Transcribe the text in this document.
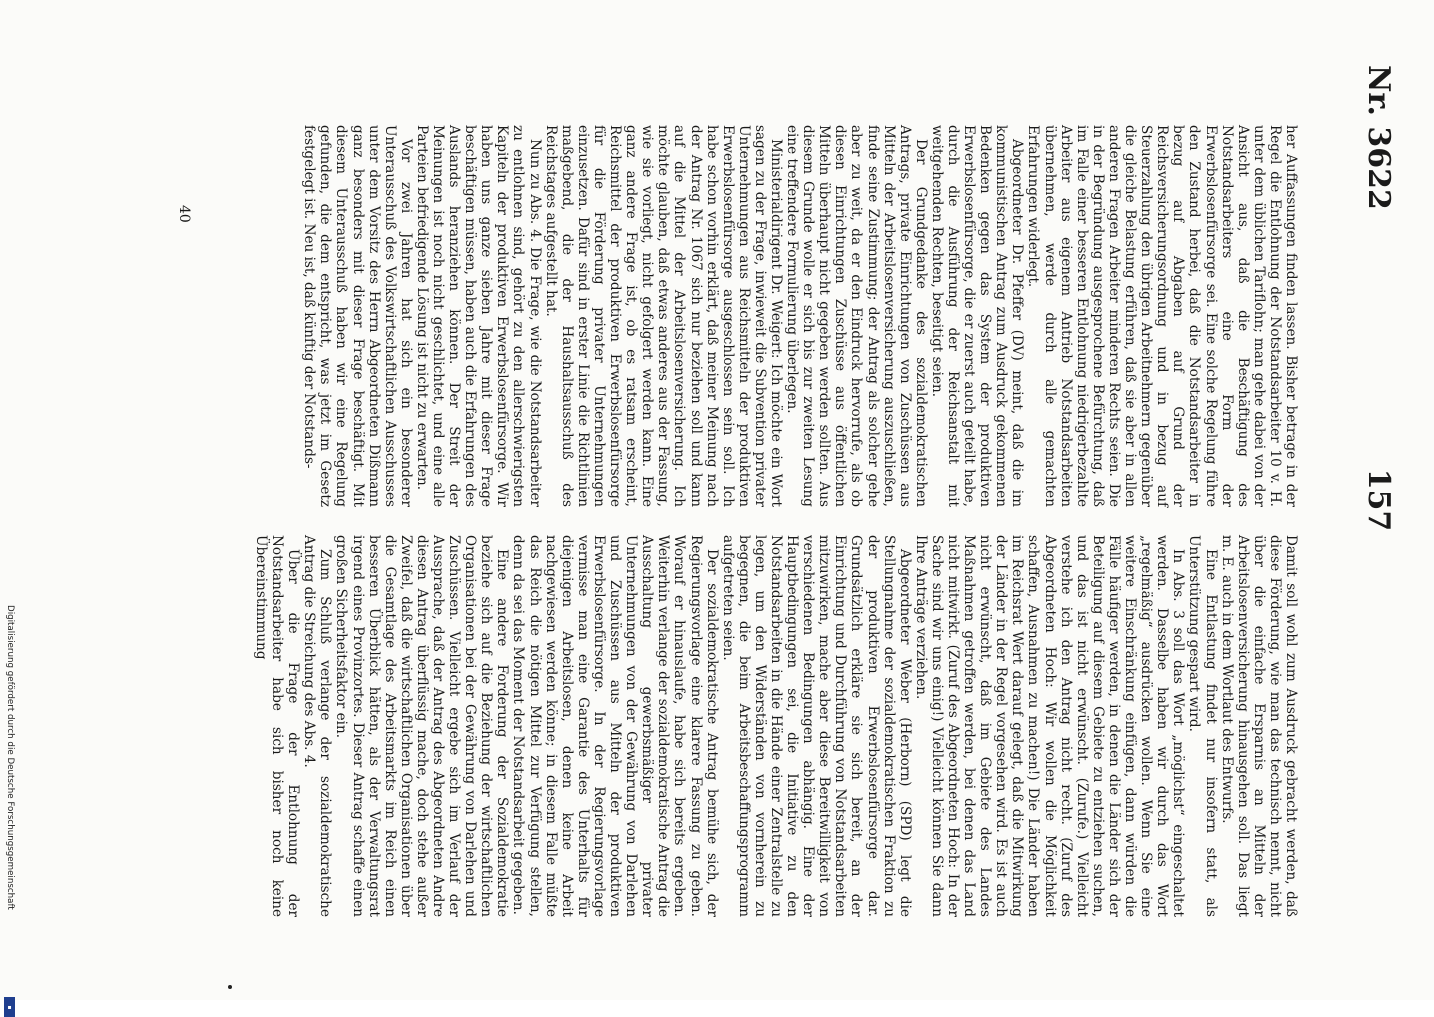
Nr. 3622
157

her Auffassungen finden lassen. Bisher betrage in der Regel die Entlohnung der Notstandsarbeiter 10 v. H. unter dem üblichen Tariflohn; man gehe dabei von der Ansicht aus, daß die Beschäftigung des Notstandsarbeiters eine Form der Erwerbslosenfürsorge sei. Eine solche Regelung führe den Zustand herbei, daß die Notstandsarbeiter in bezug auf Abgaben auf Grund der Reichsversicherungsordnung und in bezug auf Steuerzahlung den übrigen Arbeitnehmern gegenüber die gleiche Belastung erführen, daß sie aber in allen anderen Fragen Arbeiter minderen Rechts seien. Die in der Begründung ausgesprochene Befürchtung, daß im Falle einer besseren Entlohnung niedrigerbezahlte Arbeiter aus eigenem Antrieb Notstandsarbeiten übernehmen, werde durch alle gemachten Erfahrungen widerlegt.

Abgeordneter Dr. Pfeffer (DV) meint, daß die im kommunistischen Antrag zum Ausdruck gekommenen Bedenken gegen das System der produktiven Erwerbslosenfürsorge, die er zuerst auch geteilt habe, durch die Ausführung der Reichsanstalt mit weitgehenden Rechten, beseitigt seien.

Der Grundgedanke des sozialdemokratischen Antrags, private Einrichtungen von Zuschüssen aus Mitteln der Arbeitslosenversicherung auszuschließen, finde seine Zustimmung; der Antrag als solcher gehe aber zu weit, da er den Eindruck hervorrufe, als ob diesen Einrichtungen Zuschüsse aus öffentlichen Mitteln überhaupt nicht gegeben werden sollten. Aus diesem Grunde wolle er sich bis zur zweiten Lesung eine treffendere Formulierung überlegen.

Ministerialdirigent Dr. Weigert: Ich möchte ein Wort sagen zu der Frage, inwieweit die Subvention privater Unternehmungen aus Reichsmitteln der produktiven Erwerbslosenfürsorge ausgeschlossen sein soll. Ich habe schon vorhin erklärt, daß meiner Meinung nach der Antrag Nr. 1067 sich nur beziehen soll und kann auf die Mittel der Arbeitslosenversicherung. Ich möchte glauben, daß etwas anderes aus der Fassung, wie sie vorliegt, nicht gefolgert werden kann. Eine ganz andere Frage ist, ob es ratsam erscheint, Reichsmittel der produktiven Erwerbslosenfürsorge für die Förderung privater Unternehmungen einzusetzen. Dafür sind in erster Linie die Richtlinien maßgebend, die der Haushaltsausschuß des Reichstages aufgestellt hat.

Nun zu Abs. 4. Die Frage, wie die Notstandsarbeiter zu entlohnen sind, gehört zu den allerschwierigsten Kapiteln der produktiven Erwerbslosenfürsorge. Wir haben uns ganze sieben Jahre mit dieser Frage beschäftigen müssen, haben auch die Erfahrungen des Auslands heranziehen können. Der Streit der Meinungen ist noch nicht geschlichtet, und eine alle Parteien befriedigende Lösung ist nicht zu erwarten.

Vor zwei Jahren hat sich ein besonderer Unterausschuß des Volkswirtschaftlichen Ausschusses unter dem Vorsitz des Herrn Abgeordneten Dißmann ganz besonders mit dieser Frage beschäftigt. Mit diesem Unterausschuß haben wir eine Regelung gefunden, die dem entspricht, was jetzt im Gesetz festgelegt ist. Neu ist, daß künftig der Notstands-

Damit soll wohl zum Ausdruck gebracht werden, daß diese Förderung, wie man das technisch nennt, nicht über die einfache Ersparnis an Mitteln der Arbeitslosenversicherung hinausgehen soll. Das liegt m. E. auch in dem Wortlaut des Entwurfs.

Eine Entlastung findet nur insofern statt, als Unterstützung gespart wird.

In Abs. 3 soll das Wort „möglichst“ eingeschaltet werden. Dasselbe haben wir durch das Wort „regelmäßig“ ausdrücken wollen. Wenn Sie eine weitere Einschränkung einfügen, dann würden die Fälle häufiger werden, in denen die Länder sich der Beteiligung auf diesem Gebiete zu entziehen suchen, und das ist nicht erwünscht. (Zurufe.) Vielleicht verstehe ich den Antrag nicht recht. (Zuruf des Abgeordneten Hoch: Wir wollen die Möglichkeit schaffen, Ausnahmen zu machen!) Die Länder haben im Reichsrat Wert darauf gelegt, daß die Mitwirkung der Länder in der Regel vorgesehen wird. Es ist auch nicht erwünscht, daß im Gebiete des Landes Maßnahmen getroffen werden, bei denen das Land nicht mitwirkt. (Zuruf des Abgeordneten Hoch: In der Sache sind wir uns einig!) Vielleicht können Sie dann Ihre Anträge verziehen.

Abgeordneter Weber (Herborn) (SPD) legt die Stellungnahme der sozialdemokratischen Fraktion zu der produktiven Erwerbslosenfürsorge dar. Grundsätzlich erkläre sie sich bereit, an der Einrichtung und Durchführung von Notstandsarbeiten mitzuwirken, mache aber diese Bereitwilligkeit von verschiedenen Bedingungen abhängig. Eine der Hauptbedingungen sei, die Initiative zu den Notstandsarbeiten in die Hände einer Zentralstelle zu legen, um den Widerständen von vornherein zu begegnen, die beim Arbeitsbeschaffungsprogramm aufgetreten seien.

Der sozialdemokratische Antrag bemühe sich, der Regierungsvorlage eine klarere Fassung zu geben. Worauf er hinauslaufe, habe sich bereits ergeben. Weiterhin verlange der sozialdemokratische Antrag die Ausschaltung gewerbsmäßiger privater Unternehmungen von der Gewährung von Darlehen und Zuschüssen aus Mitteln der produktiven Erwerbslosenfürsorge. In der Regierungsvorlage vermisse man eine Garantie des Unterhalts für diejenigen Arbeitslosen, denen keine Arbeit nachgewiesen werden könne; in diesem Falle müßte das Reich die nötigen Mittel zur Verfügung stellen, denn da sei das Moment der Notstandsarbeit gegeben.

Eine andere Forderung der Sozialdemokratie beziehe sich auf die Beziehung der wirtschaftlichen Organisationen bei der Gewährung von Darlehen und Zuschüssen. Vielleicht ergebe sich im Verlauf der Aussprache, daß der Antrag des Abgeordneten Andre diesen Antrag überflüssig mache, doch stehe außer Zweifel, daß die wirtschaftlichen Organisationen über die Gesamtlage des Arbeitsmarkts im Reich einen besseren Überblick hätten, als der Verwaltungsrat irgend eines Provinzortes. Dieser Antrag schaffe einen großen Sicherheitsfaktor ein.

Zum Schluß verlange der sozialdemokratische Antrag die Streichung des Abs. 4.

Über die Frage der Entlohnung der Notstandsarbeiter habe sich bisher noch keine Übereinstimmung

40
Digitalisierung gefördert durch die Deutsche Forschungsgemeinschaft
▪
